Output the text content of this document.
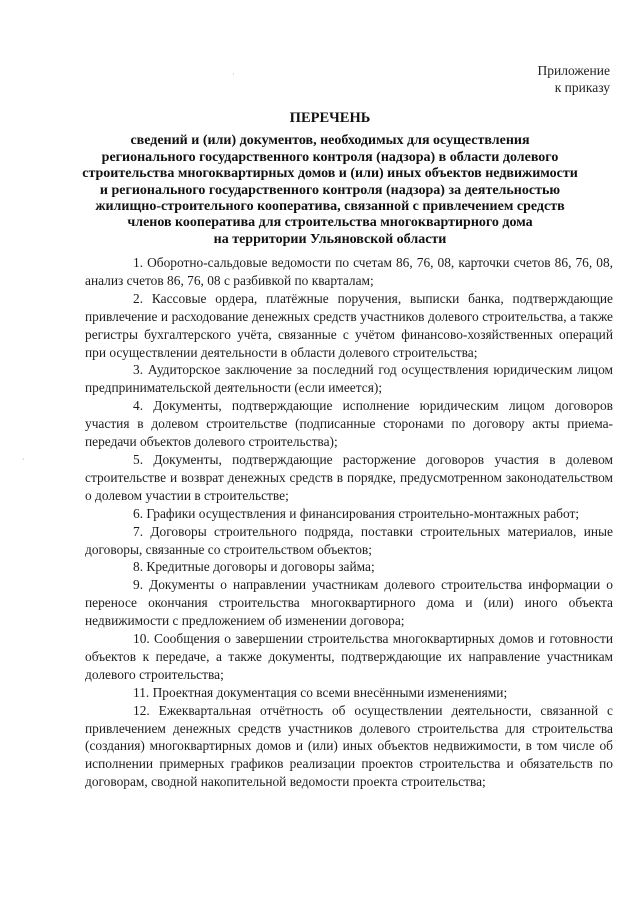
·
·
Приложение
к приказу
ПЕРЕЧЕНЬ
сведений и (или) документов, необходимых для осуществления
регионального государственного контроля (надзора) в области долевого
строительства многоквартирных домов и (или) иных объектов недвижимости
и регионального государственного контроля (надзора) за деятельностью
жилищно-строительного кооператива, связанной с привлечением средств
членов кооператива для строительства многоквартирного дома
на территории Ульяновской области

1. Оборотно-сальдовые ведомости по счетам 86, 76, 08, карточки счетов 86, 76, 08, анализ счетов 86, 76, 08 с разбивкой по кварталам;

2. Кассовые ордера, платёжные поручения, выписки банка, подтверждающие привлечение и расходование денежных средств участников долевого строительства, а также регистры бухгалтерского учёта, связанные с учётом финансово-хозяйственных операций при осуществлении деятельности в области долевого строительства;

3. Аудиторское заключение за последний год осуществления юридическим лицом предпринимательской деятельности (если имеется);

4. Документы, подтверждающие исполнение юридическим лицом договоров участия в долевом строительстве (подписанные сторонами по договору акты приема-передачи объектов долевого строительства);

5. Документы, подтверждающие расторжение договоров участия в долевом строительстве и возврат денежных средств в порядке, предусмотренном законодательством о долевом участии в строительстве;

6. Графики осуществления и финансирования строительно-монтажных работ;

7. Договоры строительного подряда, поставки строительных материалов, иные договоры, связанные со строительством объектов;

8. Кредитные договоры и договоры займа;

9. Документы о направлении участникам долевого строительства информации о переносе окончания строительства многоквартирного дома и (или) иного объекта недвижимости с предложением об изменении договора;

10. Сообщения о завершении строительства многоквартирных домов и готовности объектов к передаче, а также документы, подтверждающие их направление участникам долевого строительства;

11. Проектная документация со всеми внесёнными изменениями;

12. Ежеквартальная отчётность об осуществлении деятельности, связанной с привлечением денежных средств участников долевого строительства для строительства (создания) многоквартирных домов и (или) иных объектов недвижимости, в том числе об исполнении примерных графиков реализации проектов строительства и обязательств по договорам, сводной накопительной ведомости проекта строительства;
